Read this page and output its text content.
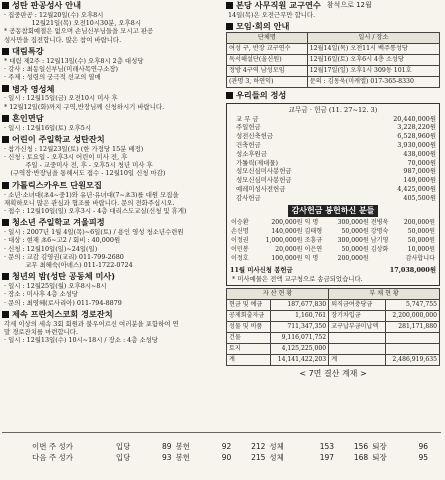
성탄 판공성사 안내
· 집중판공 : 12월20일(수) 오후8시
　　　　 12월21일(목) 오전10시30분, 오후8시
* 공동참회예절은 없으며 손님신부님들을 모시고 판공
성사만을 집전합니다. 많은 참여 바랍니다.
대림특강
* 대림 제2주 : 12월13일(수) 오후8시 2층 대성당
· 강사 : 최동일신부님(미래사목연구소장)
· 주제 : 성령의 궁극적 선교의 열매
병자 영성체
· 일시 : 12월15일(금) 오전10시 미사 후
* 12월12일(화)까지 구역,반장님께 신청하시기 바랍니다.
혼인면담
· 일시 : 12월16일(토) 오후5시
어린이 주일학교 성탄잔치
· 참가신청 : 12월23일(토) (한 가정당 15분 배정)
· 신청 : 토요일 - 오후3시 어린이 미사 전, 후
　　　 주일 - 교중미사 전, 후 - 오후5시 청년 미사 후
　(구역장·반장님을 통해서도 접수 - 12월10일 신청 마감)
가톨릭스카우트 단원모집
· 소년·소녀대(초4~중1)와 유년·유녀대(7~초3)를 대원 모집을
재획하오니 많은 관심과 협조를 바랍니다. 문의 전화주십시오.
· 접수 : 12월10일(일) 오후3시 - 4층 대리스도교실(신청 및 휴게)
청소년 주일학교 겨울피정
· 일시 : 2007년 1월 4일(목)~6일(토) / 용인 영성 청소년수련원
· 대상 : 현재 초6~고2 / 회비 : 40,000원
· 신청 : 12월10일(일)~24일(일)
· 문의 : 교감 김영권(교리) 011-799-2680
　　　 교무 최혜숙(아녜스) 011-1722-0724
청년의 밤(성탄 공동체 미사)
· 일시 : 12월25일(월) 오후8시~8시
· 장소 : 미사후 4층 소성당
· 문의 : 최영혜(로사리아) 011-794-8879
제속 프란치스코회 경로잔치
각세 이상의 세속 3회 회원과 불우어르신 여러분을 포함하여 연
말 경로잔치를 마련합니다.
· 일시 : 12월13일(수) 10시~18시 / 장소 : 4층 소성당
본당 사무직원 교구연수 참석으로 12월
14일(목)은 오전근무만 합니다.
모임·회의 안내
단체명	일시 / 장소
여성 구, 반장 교구연수	12월14일(목) 오전11시 백주통성당
독서해설단(울신원)	12월16일(토) 오후6시 4층 소성당
정방 4구역 남성모임	12월17일(일) 오후1시 309동 101호
(관명 3, 하연익)	문의 : 김동욱(미캐엘) 017-365-8330
우리들의 정성
교무금 · 헌금 (11. 27~12. 3)
교 무 금	20,440,000원
주일헌금	3,228,220원
성전신축헌금	6,528,960원
건축헌금	3,930,000원
성소후원금	438,000원
가톨릭(제대물)	70,000원
성모신심미사봉헌금	987,000원
성모신심미사봉헌금	149,000원
예레미성사전헌금	4,425,000원
감사헌금	405,500원
감사헌금 봉헌하신 분들
이승환	200,000원	익 명	300,000원	전병욱	200,000원
손신명	140,000원	김태형	50,000원	강명숙	50,000원
이정권	1,000,000원	조흥규	300,000원	남기영	50,000원
이민봉	20,000원	이은연	50,000원	김상화	10,000원
이정호	100,000원	익 명	200,000원		감사합니다
11월 미사신청 봉헌금	17,038,000원
* 미사예물은 전액 교구청으로 송금되었습니다.
자 산 현 황		부 채 현 황	
현금 및 예금	187,677,830	퇴직금여충당금	5,747,755
공제회출자금	1,160,761	장기차입금	2,200,000,000
성물 및 비품	711,347,350	교구납부금미납액	281,171,880
건물	9,116,071,752		
토지	4,125,225,000		
계	14,141,422,203	계	2,486,919,635
< 7면 결산 계재 >
이번 주 성가	입당	89	봉헌	92	212	성체	153	156	퇴장	96
다음 주 성가	입당	93	봉헌	90	215	성체	197	168	퇴장	95
